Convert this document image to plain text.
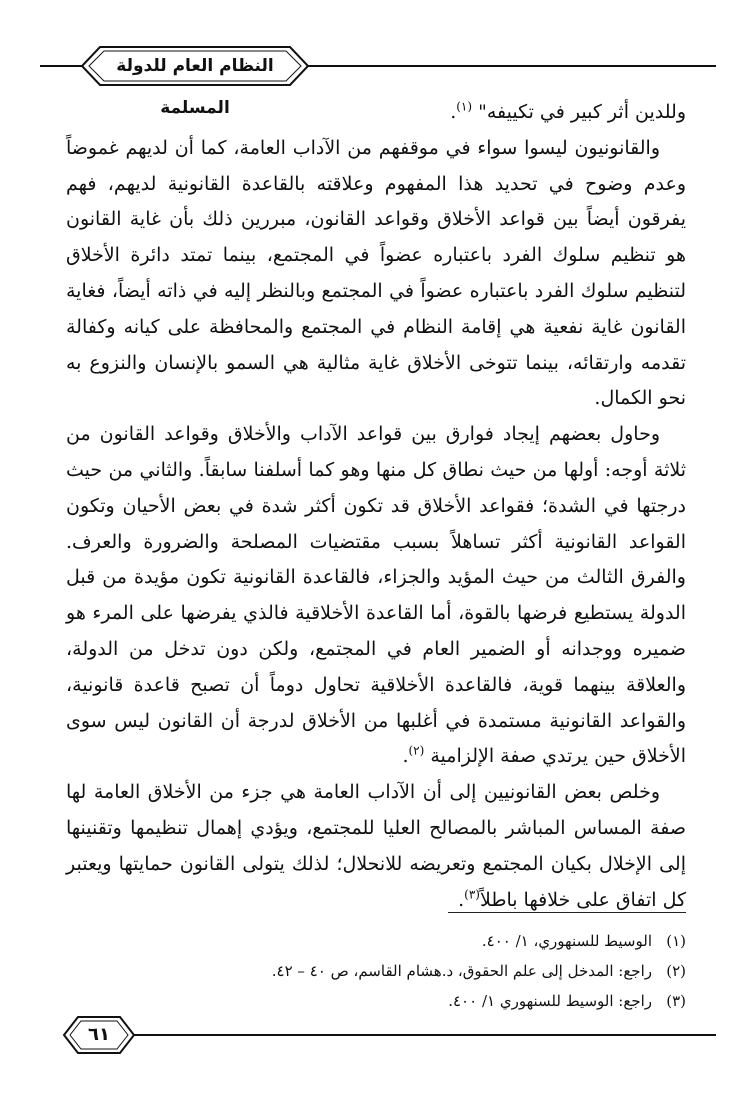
النظام العام للدولة المسلمة	وللدين أثر كبير في تكييفه" $^{(١)}$.

والقانونيون ليسوا سواء في موقفهم من الآداب العامة، كما أن لديهم غموضاً وعدم وضوح في تحديد هذا المفهوم وعلاقته بالقاعدة القانونية لديهم، فهم يفرقون أيضاً بين قواعد الأخلاق وقواعد القانون، مبررين ذلك بأن غاية القانون هو تنظيم سلوك الفرد باعتباره عضواً في المجتمع، بينما تمتد دائرة الأخلاق لتنظيم سلوك الفرد باعتباره عضواً في المجتمع وبالنظر إليه في ذاته أيضاً، فغاية القانون غاية نفعية هي إقامة النظام في المجتمع والمحافظة على كيانه وكفالة تقدمه وارتقائه، بينما تتوخى الأخلاق غاية مثالية هي السمو بالإنسان والنزوع به نحو الكمال.

وحاول بعضهم إيجاد فوارق بين قواعد الآداب والأخلاق وقواعد القانون من ثلاثة أوجه: أولها من حيث نطاق كل منها وهو كما أسلفنا سابقاً. والثاني من حيث درجتها في الشدة؛ فقواعد الأخلاق قد تكون أكثر شدة في بعض الأحيان وتكون القواعد القانونية أكثر تساهلاً بسبب مقتضيات المصلحة والضرورة والعرف. والفرق الثالث من حيث المؤيد والجزاء، فالقاعدة القانونية تكون مؤيدة من قبل الدولة يستطيع فرضها بالقوة، أما القاعدة الأخلاقية فالذي يفرضها على المرء هو ضميره ووجدانه أو الضمير العام في المجتمع، ولكن دون تدخل من الدولة، والعلاقة بينهما قوية، فالقاعدة الأخلاقية تحاول دوماً أن تصبح قاعدة قانونية، والقواعد القانونية مستمدة في أغلبها من الأخلاق لدرجة أن القانون ليس سوى الأخلاق حين يرتدي صفة الإلزامية $^{(٢)}$.

وخلص بعض القانونيين إلى أن الآداب العامة هي جزء من الأخلاق العامة لها صفة المساس المباشر بالمصالح العليا للمجتمع، ويؤدي إهمال تنظيمها وتقنينها إلى الإخلال بكيان المجتمع وتعريضه للانحلال؛ لذلك يتولى القانون حمايتها ويعتبر كل اتفاق على خلافها باطلاً$^{(٣)}$.

(١)الوسيط للسنهوري، ١/ ٤٠٠.
(٢)راجع: المدخل إلى علم الحقوق، د.هشام القاسم، ص ٤٠ – ٤٢.
(٣)راجع: الوسيط للسنهوري ١/ ٤٠٠.
٦١
